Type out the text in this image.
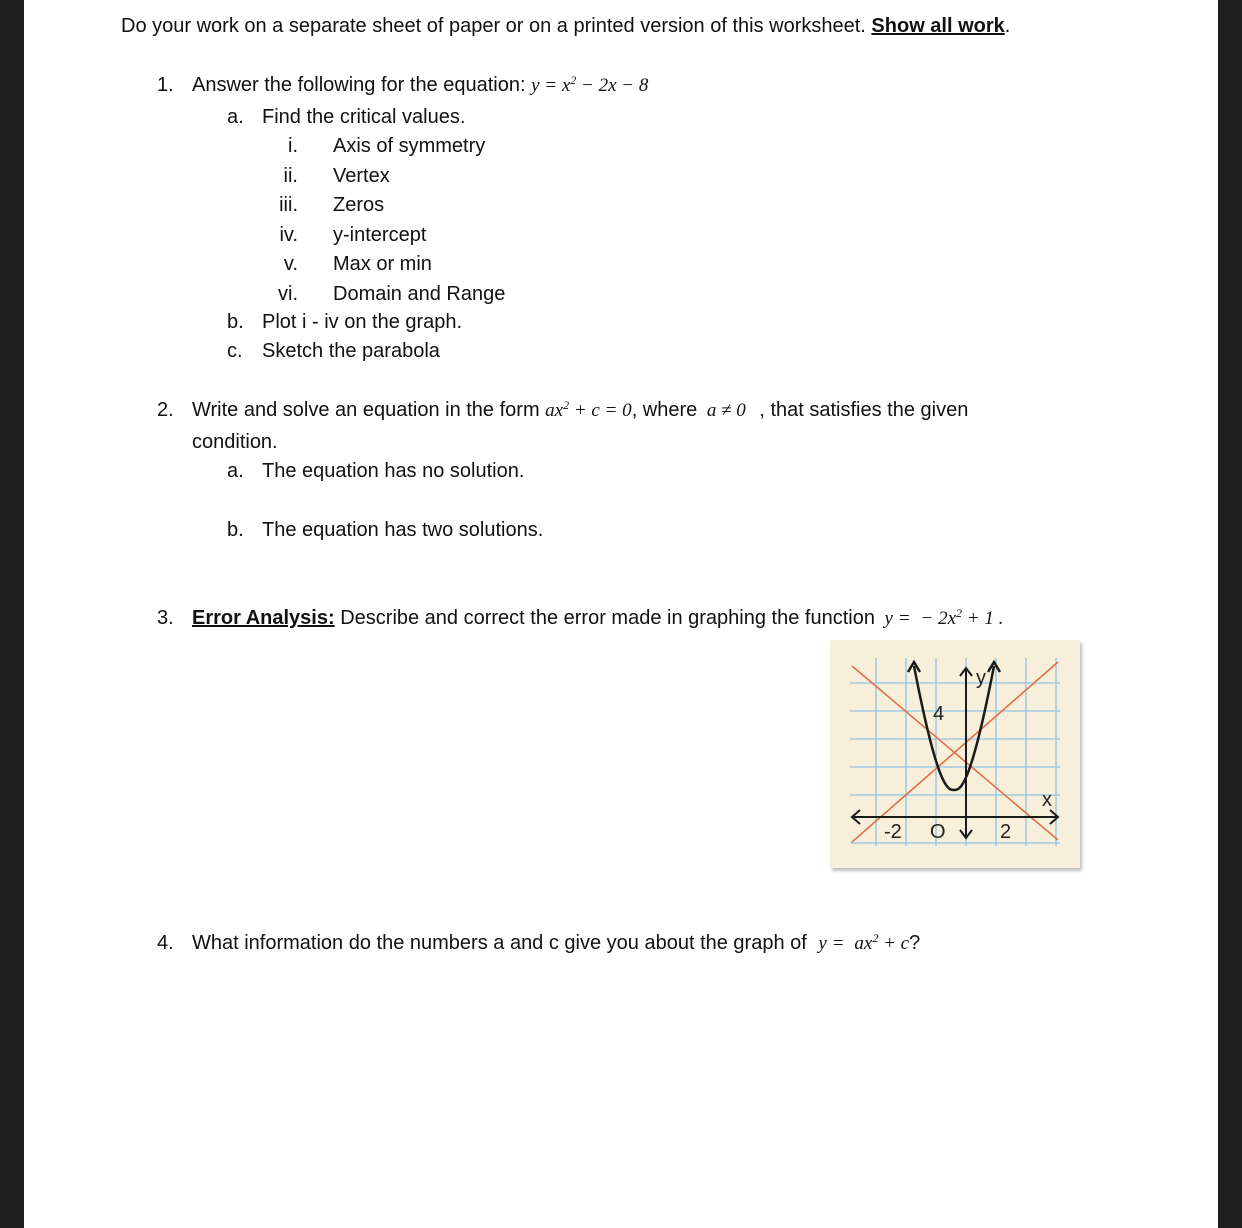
Do your work on a separate sheet of paper or on a printed version of this worksheet. Show all work.
1. Answer the following for the equation: $y = x^2 - 2x - 8$
a. Find the critical values.
i. Axis of symmetry
ii. Vertex
iii. Zeros
iv. y-intercept
v. Max or min
vi. Domain and Range
b. Plot i - iv on the graph.
c. Sketch the parabola
2. Write and solve an equation in the form $ax^2 + c = 0$, where a ≠ 0 , that satisfies the given
condition.
a. The equation has no solution.
b. The equation has two solutions.
3. Error Analysis: Describe and correct the error made in graphing the function y = − $2x^2 + 1$ .
y
x
4
-2 O	2
4. What information do the numbers a and c give you about the graph of $y = ax^2 + c$?
